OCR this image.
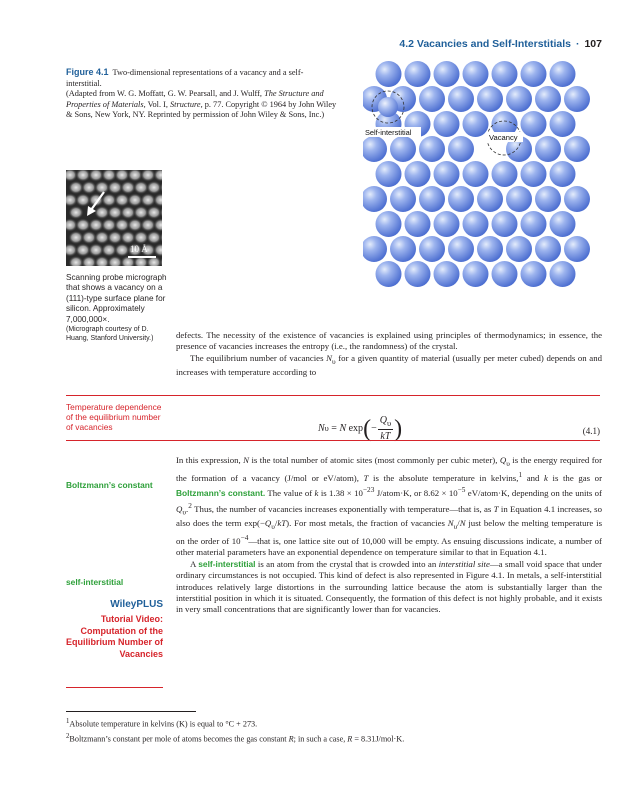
4.2 Vacancies and Self-Interstitials · 107
Figure 4.1 Two-dimensional representations of a vacancy and a self-interstitial.
(Adapted from W. G. Moffatt, G. W. Pearsall, and J. Wulff, The Structure and Properties of Materials, Vol. I, Structure, p. 77. Copyright © 1964 by John Wiley & Sons, New York, NY. Reprinted by permission of John Wiley & Sons, Inc.)
Self-interstitial
Vacancy
10 Å
Scanning probe micrograph that shows a vacancy on a (111)-type surface plane for silicon. Approximately 7,000,000×.
(Micrograph courtesy of D. Huang, Stanford University.)	defects. The necessity of the existence of vacancies is explained using principles of thermodynamics; in essence, the presence of vacancies increases the entropy (i.e., the randomness) of the crystal.

The equilibrium number of vacancies $N_\upsilon$ for a given quantity of material (usually per meter cubed) depends on and increases with temperature according to

Temperature dependence of the equilibrium number of vacancies	N υ = N exp ( − $\frac{Q_\upsilon}{kT}$ )	(4.1)

In this expression, N is the total number of atomic sites (most commonly per cubic meter), $Q_\upsilon$ is the energy required for the formation of a vacancy (J/mol or eV/atom), T is the absolute temperature in kelvins,$^1$ and k is the gas or Boltzmann’s constant. The value of k is $1.38 \times 10^{-23}$ J/atom·K, or $8.62 \times 10^{-5}$ eV/atom·K, depending on the units of $Q_\upsilon.^2$ Thus, the number of vacancies increases exponentially with temperature—that is, as T in Equation 4.1 increases, so also does the term $\exp(-Q_\upsilon/kT)$. For most metals, the fraction of vacancies $N_\upsilon/N$ just below the melting temperature is on the order of $10^{-4}—that$ is, one lattice site out of 10,000 will be empty. As ensuing discussions indicate, a number of other material parameters have an exponential dependence on temperature similar to that in Equation 4.1.

A self-interstitial is an atom from the crystal that is crowded into an interstitial site—a small void space that under ordinary circumstances is not occupied. This kind of defect is also represented in Figure 4.1. In metals, a self-interstitial introduces relatively large distortions in the surrounding lattice because the atom is substantially larger than the interstitial position in which it is situated. Consequently, the formation of this defect is not highly probable, and it exists in very small concentrations that are significantly lower than for vacancies.

Boltzmann’s constant
self-interstitial
WileyPLUS
Tutorial Video: Computation of the Equilibrium Number of Vacancies
$^1$Absolute temperature in kelvins (K) is equal to °C + 273.
$^2$Boltzmann’s constant per mole of atoms becomes the gas constant R; in such a case, R = 8.31J/mol·K.
